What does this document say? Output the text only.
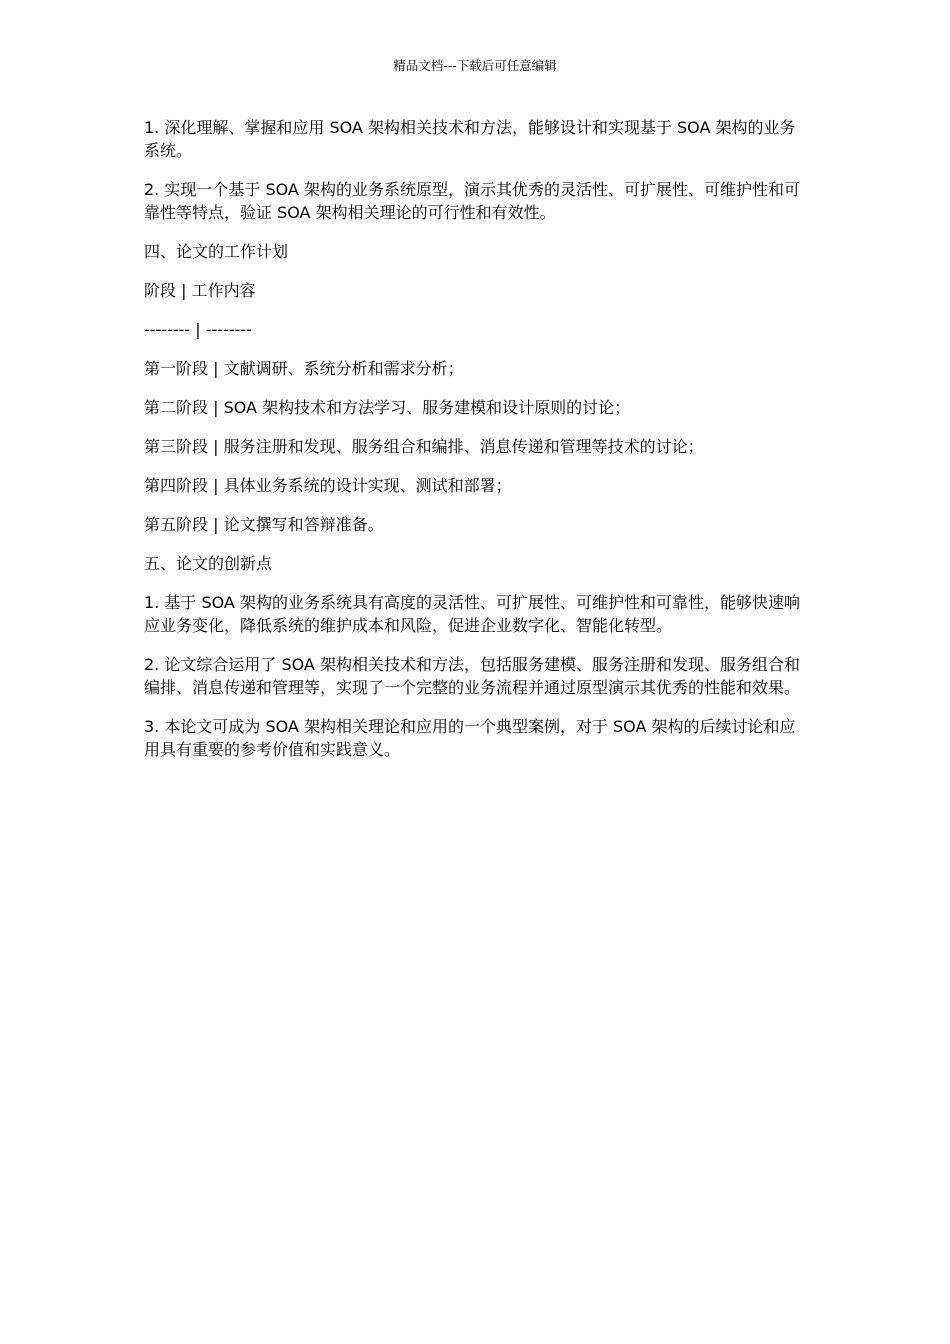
精品文档---下载后可任意编辑

1. 深化理解、掌握和应用 SOA 架构相关技术和方法，能够设计和实现基于 SOA 架构的业务系统。

2. 实现一个基于 SOA 架构的业务系统原型，演示其优秀的灵活性、可扩展性、可维护性和可靠性等特点，验证 SOA 架构相关理论的可行性和有效性。

四、论文的工作计划

阶段 | 工作内容

-------- | --------

第一阶段 | 文献调研、系统分析和需求分析；

第二阶段 | SOA 架构技术和方法学习、服务建模和设计原则的讨论；

第三阶段 | 服务注册和发现、服务组合和编排、消息传递和管理等技术的讨论；

第四阶段 | 具体业务系统的设计实现、测试和部署；

第五阶段 | 论文撰写和答辩准备。

五、论文的创新点

1. 基于 SOA 架构的业务系统具有高度的灵活性、可扩展性、可维护性和可靠性，能够快速响应业务变化，降低系统的维护成本和风险，促进企业数字化、智能化转型。

2. 论文综合运用了 SOA 架构相关技术和方法，包括服务建模、服务注册和发现、服务组合和编排、消息传递和管理等，实现了一个完整的业务流程并通过原型演示其优秀的性能和效果。

3. 本论文可成为 SOA 架构相关理论和应用的一个典型案例，对于 SOA 架构的后续讨论和应用具有重要的参考价值和实践意义。
